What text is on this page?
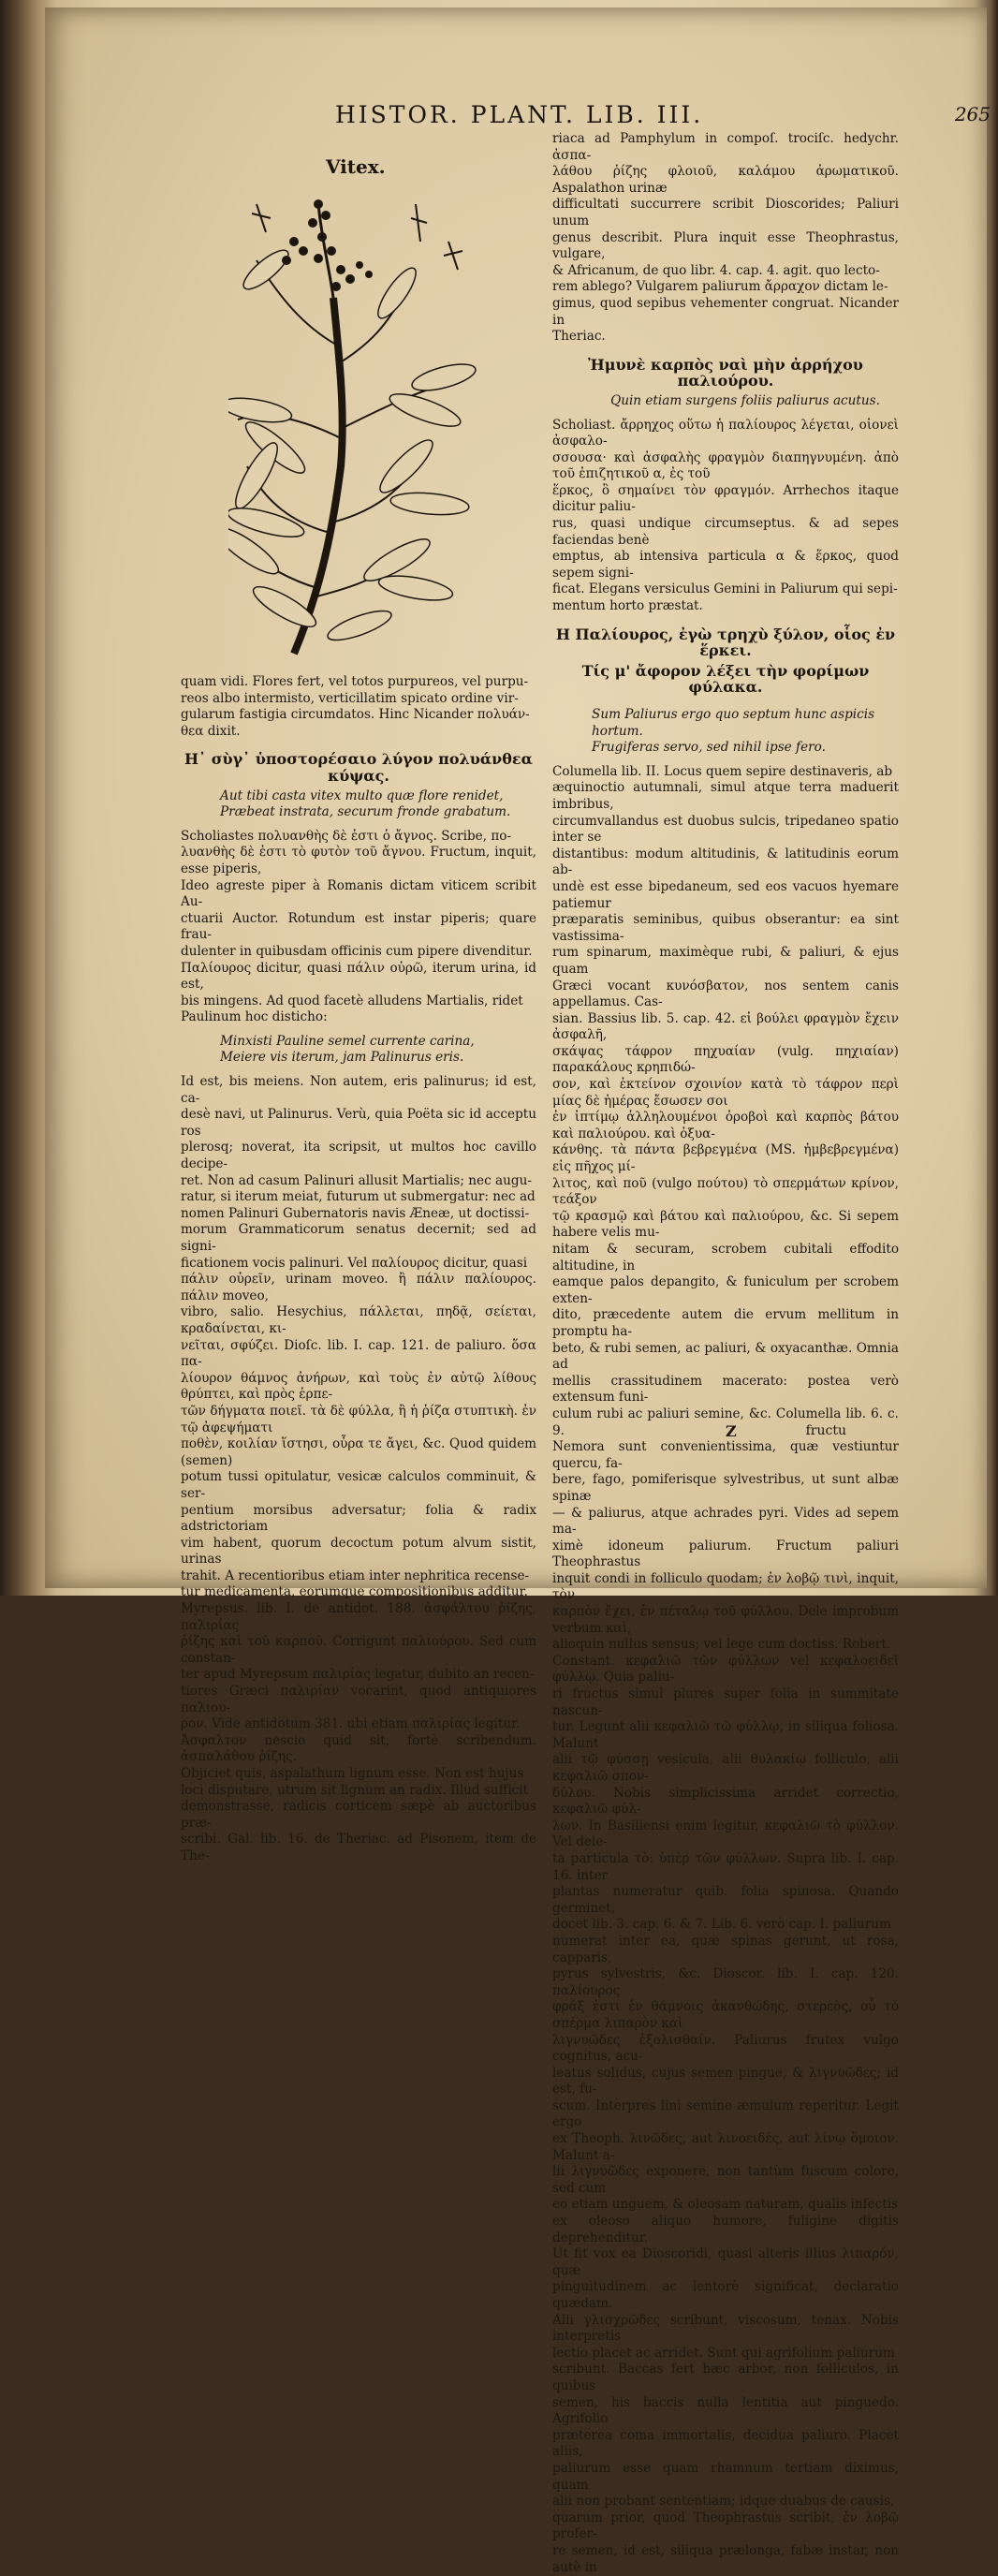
HISTOR. PLANT. LIB. III.	265
Vitex.

quam vidi. Flores fert, vel totos purpureos, vel purpu-

reos albo intermisto, verticillatim spicato ordine vir-

gularum fastigia circumdatos. Hinc Nicander πολυάν-

θεα dixit.

Η᾽ σὺγ᾽ ὑποστορέσαιο λύγον πολυάνθεα κύψας.

Aut tibi casta vitex multo quæ flore renidet,

Præbeat instrata, securum fronde grabatum.

Scholiastes πολυανθὴς δὲ ἐστι ὁ ἄγνος. Scribe, πο-

λυανθὴς δὲ ἐστι τὸ φυτὸν τοῦ ἄγνου. Fructum, inquit, esse piperis,

Ideo agreste piper à Romanis dictam viticem scribit Au-

ctuarii Auctor. Rotundum est instar piperis; quare frau-

dulenter in quibusdam officinis cum pipere divenditur.

Παλίουρος dicitur, quasi πάλιν οὐρῶ, iterum urina, id est,

bis mingens. Ad quod facetè alludens Martialis, ridet

Paulinum hoc distichο:

Minxisti Pauline semel currente carina,

Meiere vis iterum, jam Palinurus eris.

Id est, bis meiens. Non autem, eris palinurus; id est, ca-

desè navi, ut Palinurus. Verù, quia Poëta sic id acceptu ros

plerosq; noverat, ita scripsit, ut multos hoc cavillo decipe-

ret. Non ad casum Palinuri allusit Martialis; nec augu-

ratur, si iterum meiat, futurum ut submergatur: nec ad

nomen Palinuri Gubernatoris navis Æneæ, ut doctissi-

morum Grammaticorum senatus decernit; sed ad signi-

ficationem vocis palinuri. Vel παλίουρος dicitur, quasi

πάλιν οὐρεῖν, urinam moveo. ἢ πάλιν παλίουρος. πάλιν moveo,

vibro, salio. Hesychius, πάλλεται, πηδᾷ, σείεται, κραδαίνεται, κι-

νεῖται, σφύζει. Dioſc. lib. I. cap. 121. de paliuro. ὅσα πα-

λίουρον θάμνος ἀνήρων, καὶ τοὺς ἐν αὐτῷ λίθους θρύπτει, καὶ πρὸς ἑρπε-

τῶν δήγματα ποιεῖ. τὰ δὲ φύλλα, ἢ ἡ ῥίζα στυπτικὴ. ἐν τῷ ἀφεψήματι

ποθὲν, κοιλίαν ἵστησι, οὖρα τε ἄγει, &c. Quod quidem (semen)

potum tussi opitulatur, vesicæ calculos comminuit, & ser-

pentium morsibus adversatur; folia & radix adstrictoriam

vim habent, quorum decoctum potum alvum sistit, urinas

trahit. A recentioribus etiam inter nephritica recense-

tur medicamenta, eorumque compositionibus additur.

Myrepsus. lib. I. de antidot. 188. ἀσφάλτου ῥίζης, παλιρίας

ῥίζης καὶ τοῦ καρποῦ. Corrigunt παλιούρου. Sed cum constan-

ter apud Myrepsum παλιρίας legatur, dubito an recen-

tiores Græci παλιρίαν vocarint, quod antiquiores παλιου-

ρον. Vide antidotum 381. ubi etiam παλιρίας legitur.

Ἀσφαλτον nescio quid sit, fortè scribendum. ἀσπαλάθου ῥίζης.

Objiciet quis, aspalathum lignum esse. Non est hujus

loci disputare, utrum sit lignum an radix. Illud sufficit

demonstrasse, radicis corticem sæpè ab auctoribus præ-

scribi. Gal. lib. 16. de Theriac. ad Pisonem, item de The-

riaca ad Pamphylum in compoſ. trociſc. hedychr. ἀσπα-

λάθου ῥίζης φλοιοῦ, καλάμου ἀρωματικοῦ. Aspalathon urinæ

difficultati succurrere scribit Dioscorides; Paliuri unum

genus describit. Plura inquit esse Theophrastus, vulgare,

& Africanum, de quo libr. 4. cap. 4. agit. quo lecto-

rem ablego? Vulgarem paliurum ἄρραχον dictam le-

gimus, quod sepibus vehementer congruat. Nicander in

Theriac.

Ἠμυνὲ καρπὸς ναὶ μὴν ἀρρήχου παλιούρου.

Quin etiam surgens foliis paliurus acutus.

Scholiast. ἄρρηχος οὕτω ἡ παλίουρος λέγεται, οἱονεὶ ἀσφαλο-

σσουσα· καὶ ἀσφαλὴς φραγμὸν διαπηγνυμένη. ἀπὸ τοῦ ἐπιζητικοῦ α, ἐς τοῦ

ἕρκος, ὃ σημαίνει τὸν φραγμόν. Arrhechos itaque dicitur paliu-

rus, quasi undique circumseptus. & ad sepes faciendas benè

emptus, ab intensiva particula α & ἕρκος, quod sepem signi-

ficat. Elegans versiculus Gemini in Paliurum qui sepi-

mentum horto præstat.

Η Παλίουρος, ἐγὼ τρηχὺ ξύλον, οἷος ἐν ἕρκει.

Τίς μ' ἄφορον λέξει τὴν φορίμων φύλακα.

Sum Paliurus ergo quo septum hunc aspicis hortum.

Frugiferas servo, sed nihil ipse fero.

Columella lib. II. Locus quem sepire destinaveris, ab

æquinoctio autumnali, simul atque terra maduerit imbribus,

circumvallandus est duobus sulcis, tripedaneo spatio inter se

distantibus: modum altitudinis, & latitudinis eorum ab-

undè est esse bipedaneum, sed eos vacuos hyemare patiemur

præparatis seminibus, quibus obserantur: ea sint vastissima-

rum spinarum, maximèque rubi, & paliuri, & ejus quam

Græci vocant κυνόσβατον, nos sentem canis appellamus. Cas-

sian. Bassius lib. 5. cap. 42. εἰ βούλει φραγμὸν ἔχειν ἀσφαλῆ,

σκάψας τάφρον πηχυαίαν (vulg. πηχιαίαν) παρακάλους κρηπιδώ-

σον, καὶ ἐκτείνον σχοινίον κατὰ τὸ τάφρον περὶ μίας δὲ ἡμέρας ἔσωσεν σοι

ἐν ἰπτίμῳ ἀλληλουμένοι ὀροβοὶ καὶ καρπὸς βάτου καὶ παλιούρου. καὶ ὀξυα-

κάνθης. τὰ πάντα βεβρεγμένα (MS. ἠμβεβρεγμένα) εἰς πῆχος μί-

λιτος, καὶ ποῦ (vulgo πούτου) τὸ σπερμάτων κρίνον, τεάξον

τῷ κρασμῷ καὶ βάτου καὶ παλιούρου, &c. Si sepem habere velis mu-

nitam & securam, scrobem cubitali effodito altitudine, in

eamque palos depangito, & funiculum per scrobem exten-

dito, præcedente autem die ervum mellitum in promptu ha-

beto, & rubi semen, ac paliuri, & oxyacanthæ. Omnia ad

mellis crassitudinem macerato: postea verò extensum funi-

culum rubi ac paliuri semine, &c. Columella lib. 6. c. 9.

Nemora sunt convenientissima, quæ vestiuntur quercu, fa-

bere, fago, pomiferisque sylvestribus, ut sunt albæ spinæ

— & paliurus, atque achrades pyri. Vides ad sepem ma-

ximè idoneum paliurum. Fructum paliuri Theophrastus

inquit condi in folliculo quodam; ἐν λοβῷ τινὶ, inquit, τὸν

καρπὸν ἔχει, ἐν πέταλῳ τοῦ φύλλου. Dele improbum verbum καὶ,

alioquin nullus sensus; vel lege cum doctiss. Robert.

Constant. κεφαλιῶ τῶν φύλλων vel κεφαλοειδεῖ φύλλῳ. Quia paliu-

ri fructus simul plures super folia in summitate nascun-

tur. Legunt alii κεφαλιῶ τῶ φύλλῳ, in siliqua foliosa. Malunt

alii τῷ φύσσῃ vesicula, alii θυλακίῳ folliculo, alii κεφαλιῶ σπον-

δύλου. Nobis simplicissima arridet correctio, κεφαλιῶ φύλ-

λων. In Basiliensi enim legitur, κεφαλιῶ τὸ φύλλον. Vel dele-

ta particula τὸ: ὑπὲρ τῶν φύλλων. Supra lib. I. cap. 16. inter

plantas numeratur quib. folia spinosa. Quando germinet,

docet lib. 3. cap. 6. & 7. Lib. 6. verò cap. I. paliurum

numerat inter ea, quæ spinas gerunt, ut rosa, capparis,

pyrus sylvestris, &c. Dioscor. lib. I. cap. 120. παλίουρος

φράξ ἐστι ἐν θάμνοις ἀκανθώδης, στερεὸς, οὗ τὸ σπέρμα λιπαρὸν καὶ

λιγνυῶδες ἐξολισθαίν. Paliurus frutex vulgo cognitus, acu-

leatus solidus, cujus semen pingue, & λιγνυῶδες; id est, fu-

scum. Interpres lini semine æmulum reperitur. Legit ergo

ex Theoph. λινῶδες, aut λινοειδές, aut λίνῳ ὅμοιον. Malunt a-

lii λιγνυῶδες exponere, non tantùm fuscum colore, sed cum

eo etiam unguem, & oleosam naturam, qualis infectis

ex oleoso aliquo humore, fuligine digitis deprehenditur.

Ut fit vox ea Dioscoridi, quasi alteris illius λιπαρόν, quæ

pinguitudinem ac lentorè significat, declaratio quædam.

Alii γλισχρῶδες scribunt, viscosum, tenax. Nobis interpretis

lectio placet ac arridet. Sunt qui agrifolium paliurum

scribunt. Baccas fert hæc arbor, non folliculos, in quibus

semen, his baccis nulla lentitia aut pinguedo. Agrifolio

præterea coma immortalis, decidua paliuro. Placet aliis,

paliurum esse quam rhamnum tertiam diximus, quam

alii non probant sententiam; idque duabus de causis,

quarum prior, quod Theophrastus scribit, ἐν λοβῷ profer-

re semen, id est, siliqua prælonga, fabæ instar, non autè in

Z	fructu
